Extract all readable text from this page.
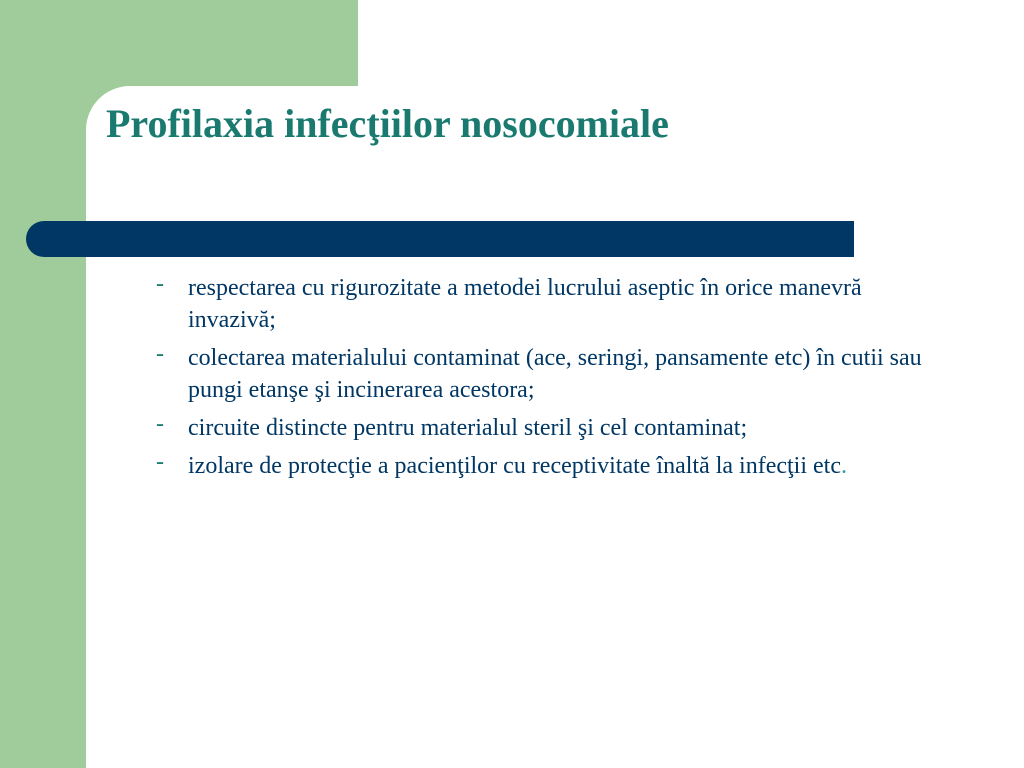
Profilaxia infecţiilor nosocomiale
- respectarea cu rigurozitate a metodei lucrului aseptic în orice manevră invazivă;
- colectarea materialului contaminat (ace, seringi, pansamente etc) în cutii sau pungi etanşe şi incinerarea acestora;
- circuite distincte pentru materialul steril şi cel contaminat;
- izolare de protecţie a pacienţilor cu receptivitate înaltă la infecţii etc.
